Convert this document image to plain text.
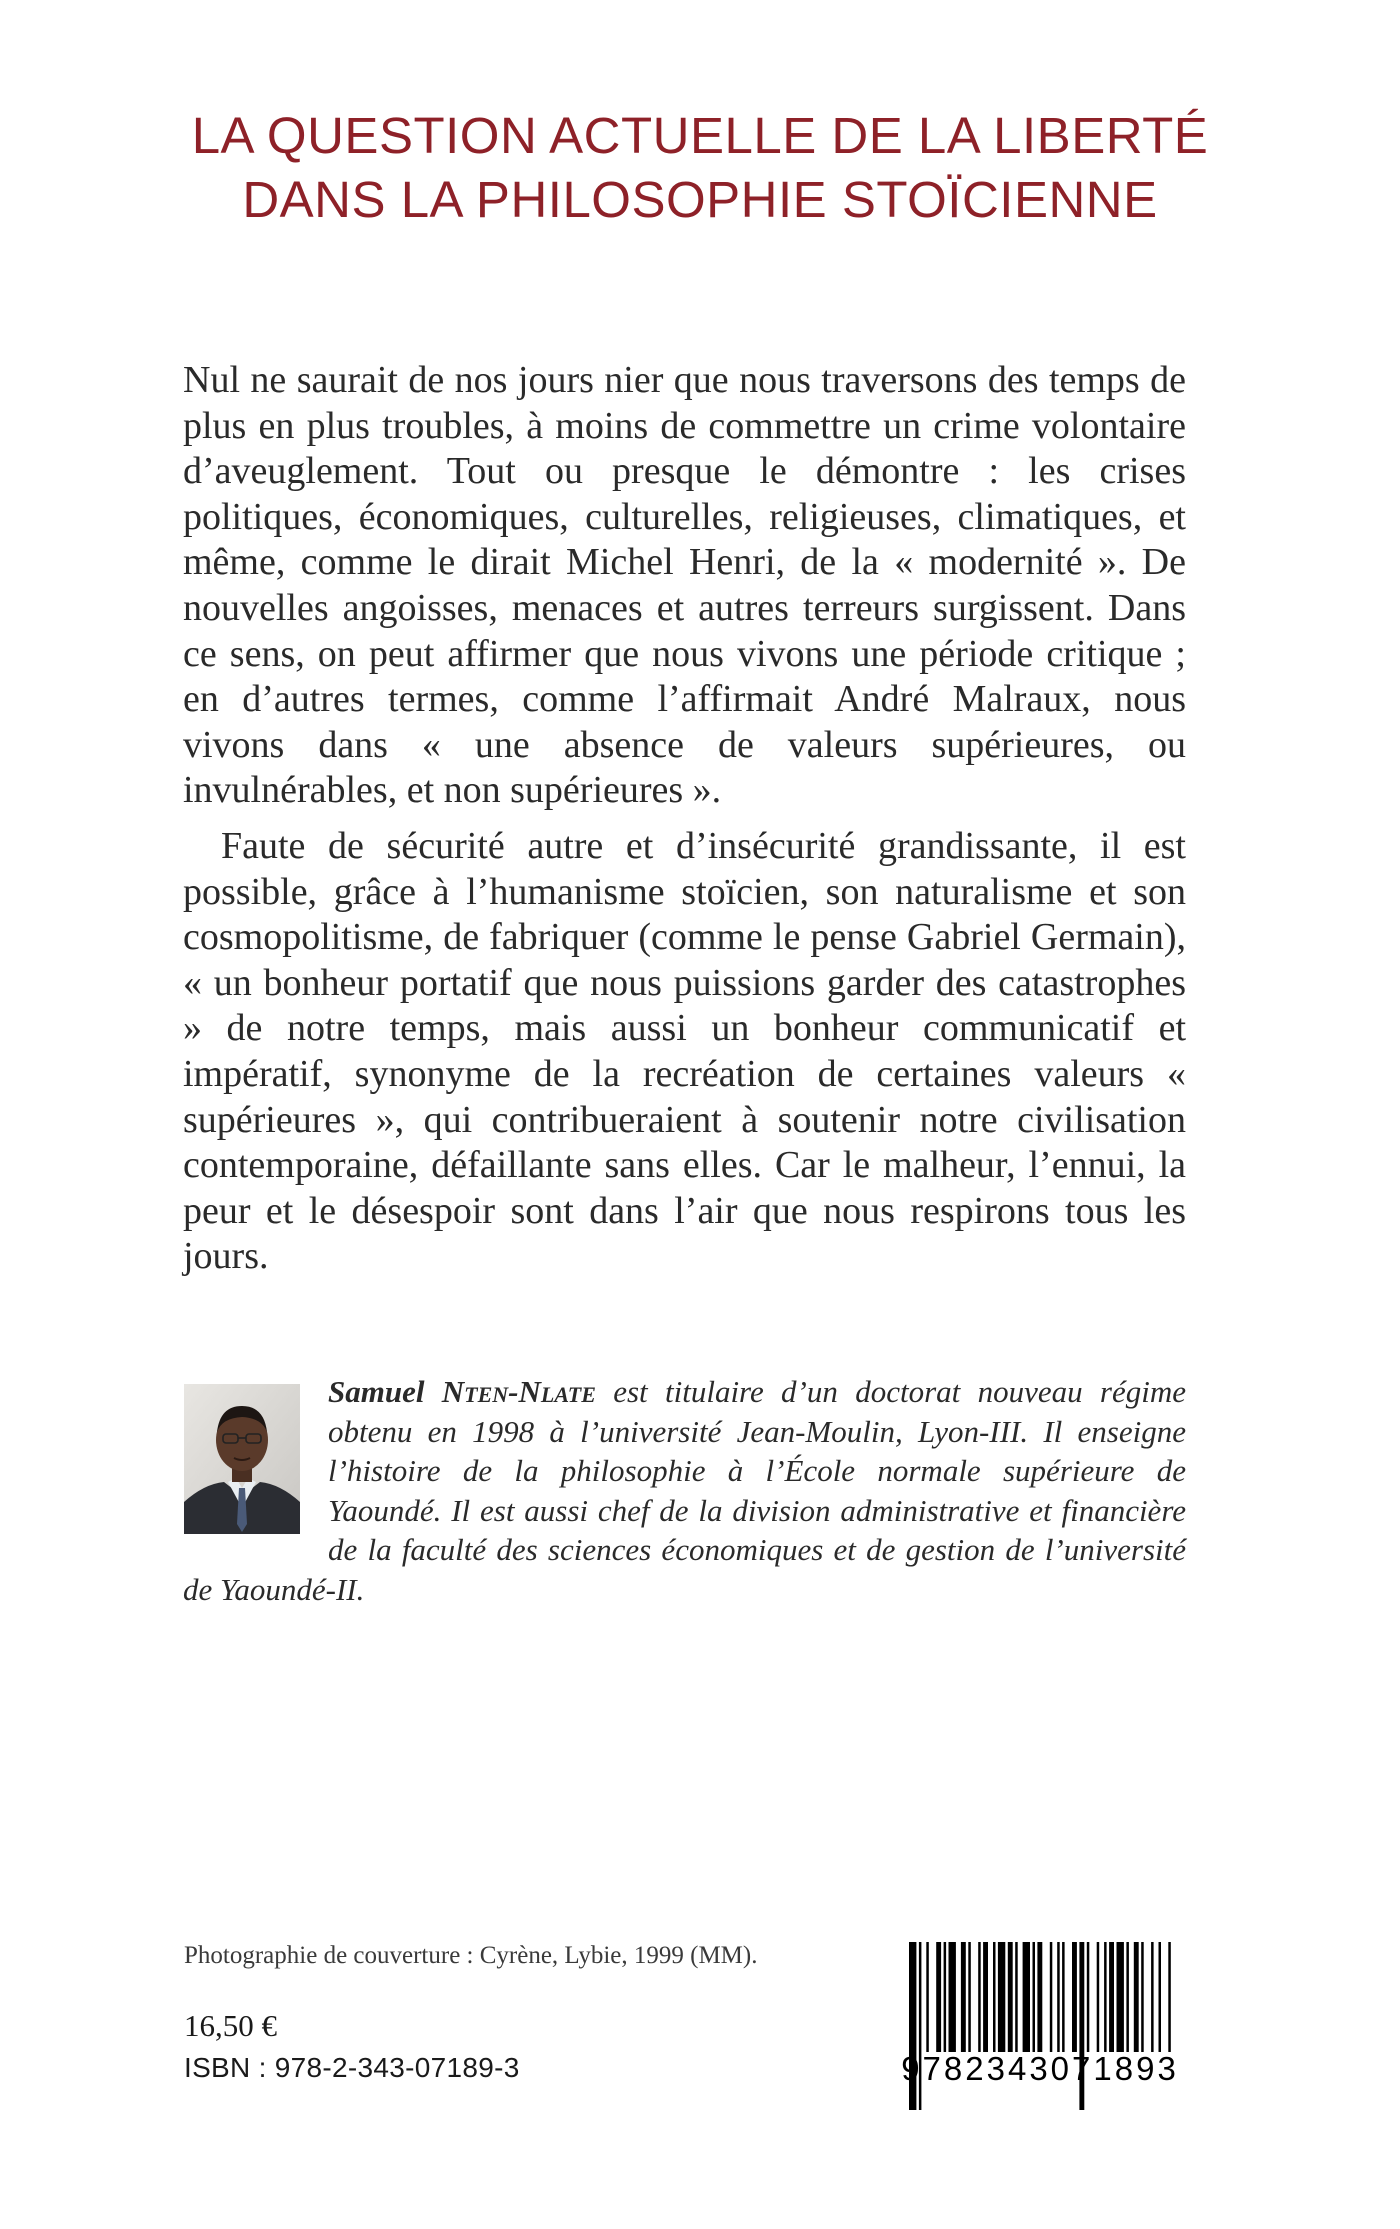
LA QUESTION ACTUELLE DE LA LIBERTÉ
DANS LA PHILOSOPHIE STOÏCIENNE

Nul ne saurait de nos jours nier que nous traversons des temps de plus en plus troubles, à moins de commettre un crime volontaire d’aveuglement. Tout ou presque le démontre : les crises politiques, économiques, culturelles, religieuses, climatiques, et même, comme le dirait Michel Henri, de la « modernité ». De nouvelles angoisses, menaces et autres terreurs surgissent. Dans ce sens, on peut affirmer que nous vivons une période critique ; en d’autres termes, comme l’affirmait André Malraux, nous vivons dans « une absence de valeurs supérieures, ou invulnérables, et non supérieures ».

Faute de sécurité autre et d’insécurité grandissante, il est possible, grâce à l’humanisme stoïcien, son naturalisme et son cosmopolitisme, de fabriquer (comme le pense Gabriel Germain), « un bonheur portatif que nous puissions garder des catastrophes » de notre temps, mais aussi un bonheur communicatif et impératif, synonyme de la recréation de certaines valeurs « supérieures », qui contribueraient à soutenir notre civilisation contemporaine, défaillante sans elles. Car le malheur, l’ennui, la peur et le désespoir sont dans l’air que nous respirons tous les jours.

Samuel Nten-Nlate est titulaire d’un doctorat nouveau régime obtenu en 1998 à l’université Jean-Moulin, Lyon-III. Il enseigne l’histoire de la philosophie à l’École normale supérieure de Yaoundé. Il est aussi chef de la division administrative et financière de la faculté des sciences économiques et de gestion de l’université de Yaoundé-II.
Photographie de couverture : Cyrène, Lybie, 1999 (MM).
16,50 €
ISBN : 978-2-343-07189-3	9782343071893
